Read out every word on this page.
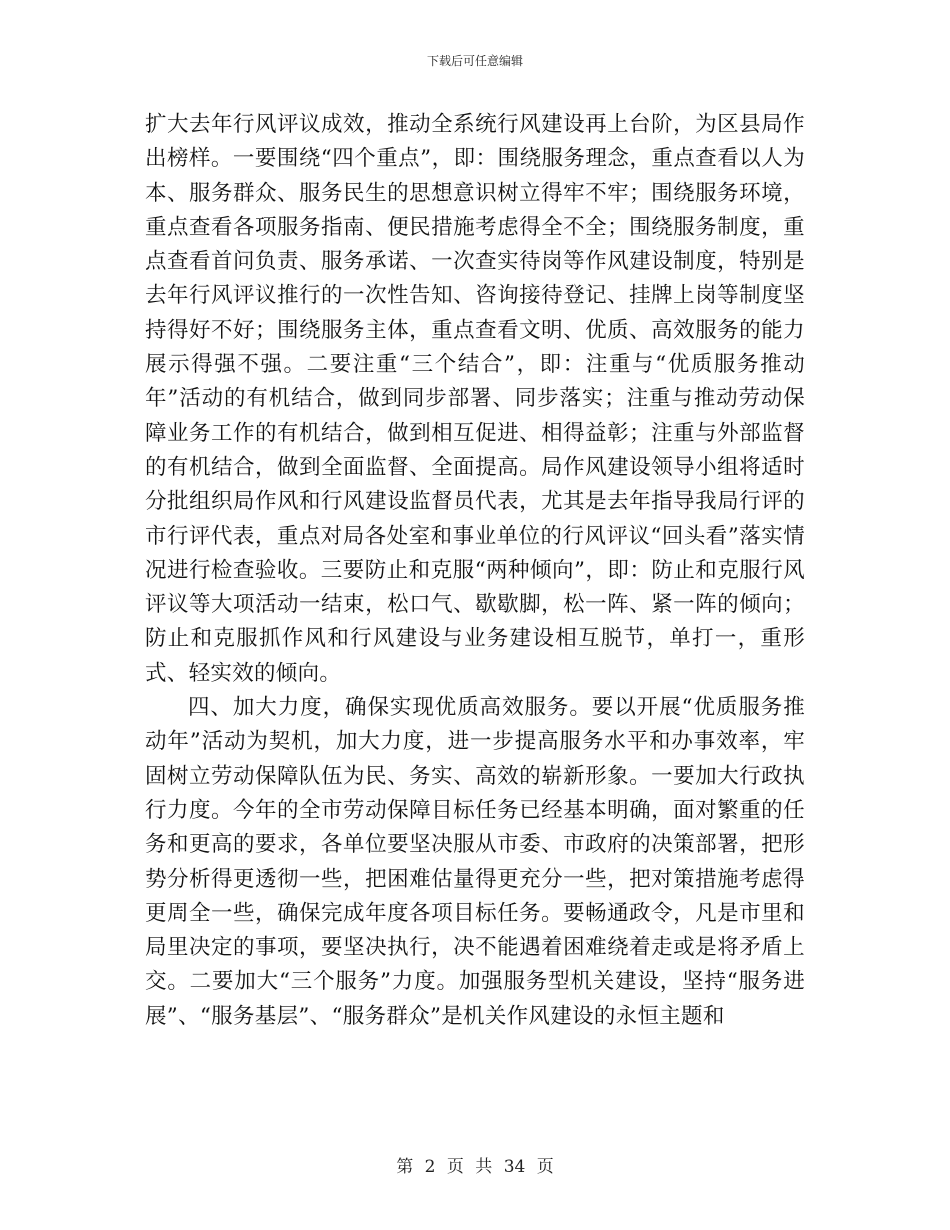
下载后可任意编辑

扩大去年行风评议成效，推动全系统行风建设再上台阶，为区县局作出榜样。一要围绕“四个重点”，即：围绕服务理念，重点查看以人为本、服务群众、服务民生的思想意识树立得牢不牢；围绕服务环境，重点查看各项服务指南、便民措施考虑得全不全；围绕服务制度，重点查看首问负责、服务承诺、一次查实待岗等作风建设制度，特别是去年行风评议推行的一次性告知、咨询接待登记、挂牌上岗等制度坚持得好不好；围绕服务主体，重点查看文明、优质、高效服务的能力展示得强不强。二要注重“三个结合”，即：注重与“优质服务推动年”活动的有机结合，做到同步部署、同步落实；注重与推动劳动保障业务工作的有机结合，做到相互促进、相得益彰；注重与外部监督的有机结合，做到全面监督、全面提高。局作风建设领导小组将适时分批组织局作风和行风建设监督员代表，尤其是去年指导我局行评的市行评代表，重点对局各处室和事业单位的行风评议“回头看”落实情况进行检查验收。三要防止和克服“两种倾向”，即：防止和克服行风评议等大项活动一结束，松口气、歇歇脚，松一阵、紧一阵的倾向；防止和克服抓作风和行风建设与业务建设相互脱节，单打一，重形式、轻实效的倾向。

四、加大力度，确保实现优质高效服务。要以开展“优质服务推动年”活动为契机，加大力度，进一步提高服务水平和办事效率，牢固树立劳动保障队伍为民、务实、高效的崭新形象。一要加大行政执行力度。今年的全市劳动保障目标任务已经基本明确，面对繁重的任务和更高的要求，各单位要坚决服从市委、市政府的决策部署，把形势分析得更透彻一些，把困难估量得更充分一些，把对策措施考虑得更周全一些，确保完成年度各项目标任务。要畅通政令，凡是市里和局里决定的事项，要坚决执行，决不能遇着困难绕着走或是将矛盾上交。二要加大“三个服务”力度。加强服务型机关建设，坚持“服务进展”、“服务基层”、“服务群众”是机关作风建设的永恒主题和

第 2 页 共 34 页
